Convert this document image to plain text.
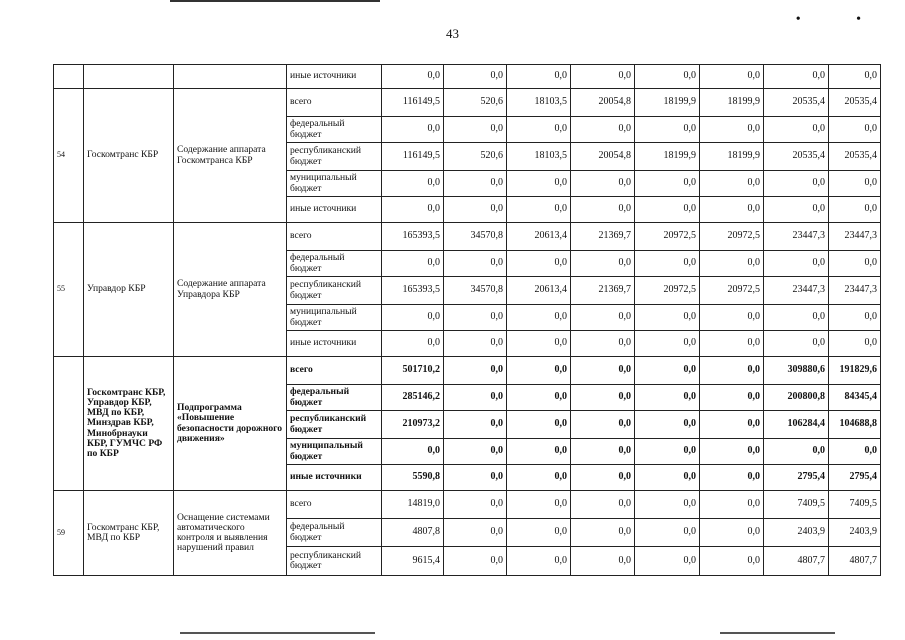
• •
43
			иные источники	0,0	0,0	0,0	0,0	0,0	0,0	0,0	0,0
54	Госкомтранс КБР	Содержание аппарата Госкомтранса КБР	всего	116149,5	520,6	18103,5	20054,8	18199,9	18199,9	20535,4	20535,4
			федеральный бюджет	0,0	0,0	0,0	0,0	0,0	0,0	0,0	0,0
			республиканский бюджет	116149,5	520,6	18103,5	20054,8	18199,9	18199,9	20535,4	20535,4
			муниципальный бюджет	0,0	0,0	0,0	0,0	0,0	0,0	0,0	0,0
			иные источники	0,0	0,0	0,0	0,0	0,0	0,0	0,0	0,0
55	Управдор КБР	Содержание аппарата Управдора КБР	всего	165393,5	34570,8	20613,4	21369,7	20972,5	20972,5	23447,3	23447,3
			федеральный бюджет	0,0	0,0	0,0	0,0	0,0	0,0	0,0	0,0
			республиканский бюджет	165393,5	34570,8	20613,4	21369,7	20972,5	20972,5	23447,3	23447,3
			муниципальный бюджет	0,0	0,0	0,0	0,0	0,0	0,0	0,0	0,0
			иные источники	0,0	0,0	0,0	0,0	0,0	0,0	0,0	0,0
	Госкомтранс КБР, Управдор КБР, МВД по КБР, Минздрав КБР, Минобрнауки КБР, ГУМЧС РФ по КБР	Подпрограмма «Повышение безопасности дорожного движения»	всего	501710,2	0,0	0,0	0,0	0,0	0,0	309880,6	191829,6
			федеральный бюджет	285146,2	0,0	0,0	0,0	0,0	0,0	200800,8	84345,4
			республиканский бюджет	210973,2	0,0	0,0	0,0	0,0	0,0	106284,4	104688,8
			муниципальный бюджет	0,0	0,0	0,0	0,0	0,0	0,0	0,0	0,0
			иные источники	5590,8	0,0	0,0	0,0	0,0	0,0	2795,4	2795,4
59	Госкомтранс КБР, МВД по КБР	Оснащение системами автоматического контроля и выявления нарушений правил	всего	14819,0	0,0	0,0	0,0	0,0	0,0	7409,5	7409,5
			федеральный бюджет	4807,8	0,0	0,0	0,0	0,0	0,0	2403,9	2403,9
			республиканский бюджет	9615,4	0,0	0,0	0,0	0,0	0,0	4807,7	4807,7
